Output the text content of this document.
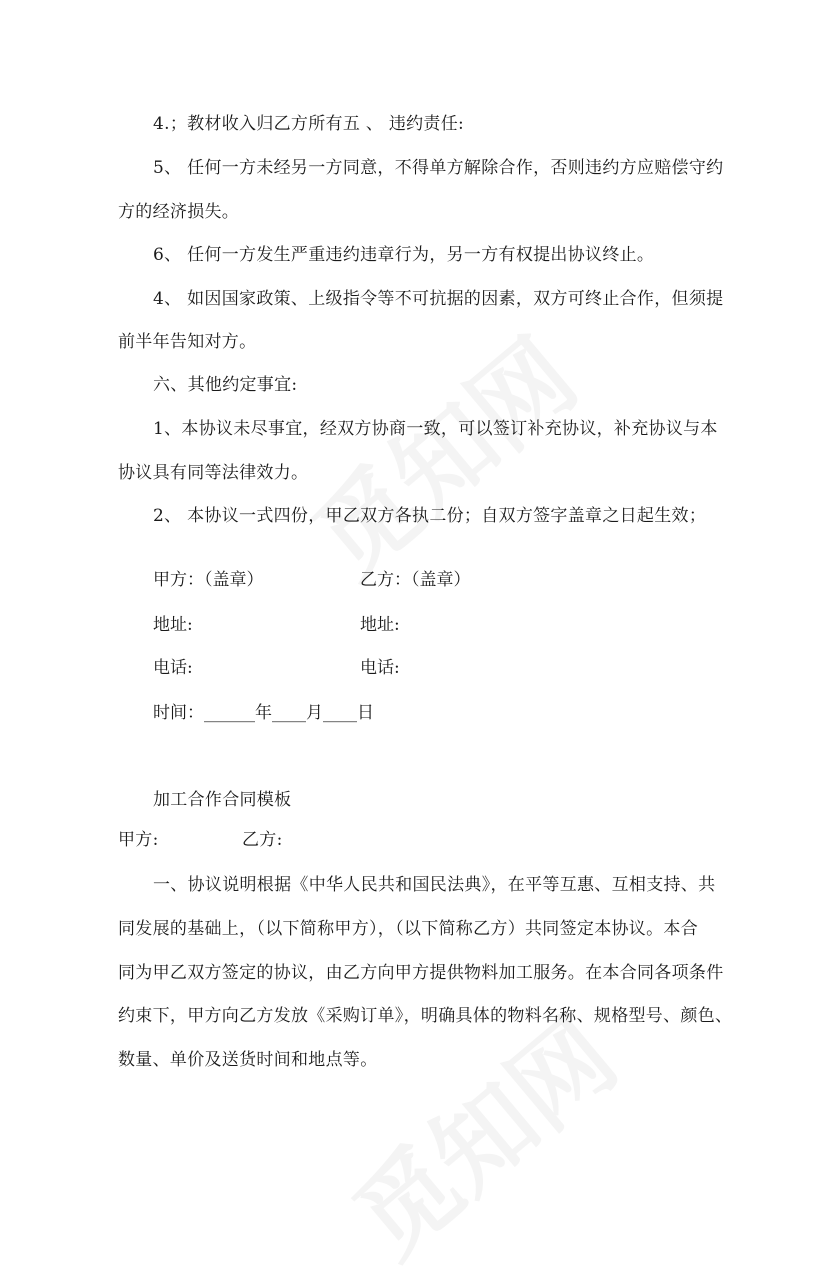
4.；教材收入归乙方所有五 、 违约责任:
5、 任何一方未经另一方同意，不得单方解除合作，否则违约方应赔偿守约
方的经济损失。
6、 任何一方发生严重违约违章行为，另一方有权提出协议终止。
4、 如因国家政策、上级指令等不可抗据的因素，双方可终止合作，但须提
前半年告知对方。
六、其他约定事宜:
1、本协议未尽事宜，经双方协商一致，可以签订补充协议，补充协议与本
协议具有同等法律效力。
2、 本协议一式四份，甲乙双方各执二份；自双方签字盖章之日起生效；
甲方：（盖章）	乙方：（盖章）
地址:	地址:
电话:	电话:
时间：______年____月____日
加工合作合同模板
甲方:	乙方:
一、协议说明根据《中华人民共和国民法典》，在平等互惠、互相支持、共
同发展的基础上，（以下简称甲方），（以下简称乙方）共同签定本协议。本合
同为甲乙双方签定的协议，由乙方向甲方提供物料加工服务。在本合同各项条件
约束下，甲方向乙方发放《采购订单》，明确具体的物料名称、规格型号、颜色、
数量、单价及送货时间和地点等。
